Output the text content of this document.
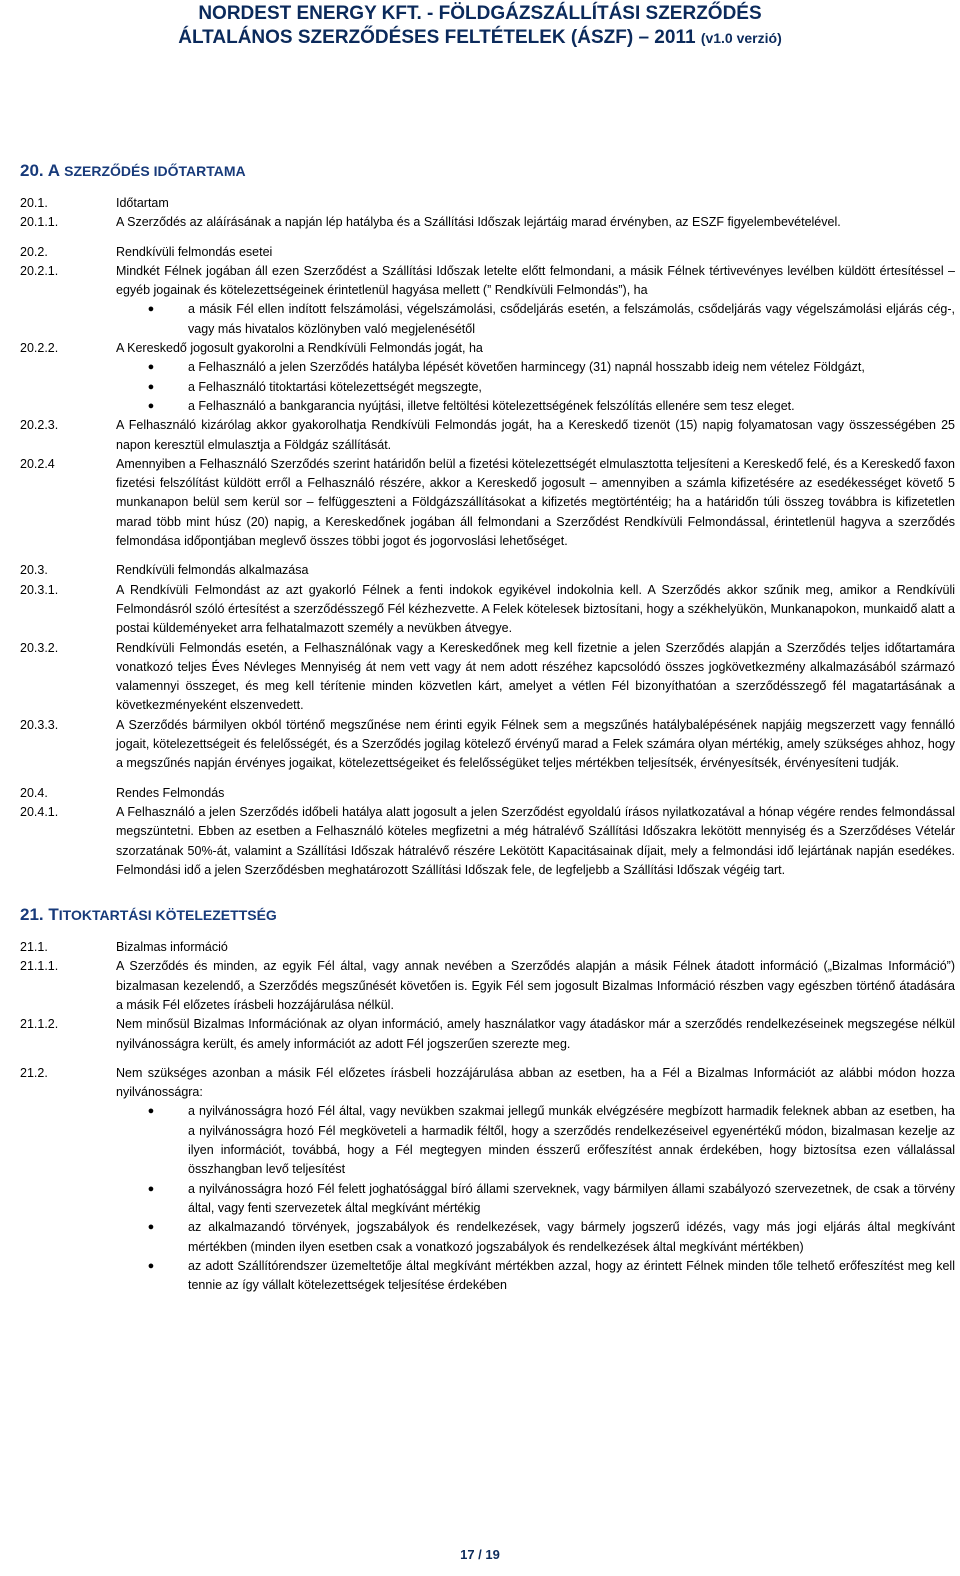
NORDEST ENERGY KFT. - FÖLDGÁZSZÁLLÍTÁSI SZERZŐDÉS
ÁLTALÁNOS SZERZŐDÉSES FELTÉTELEK (ÁSZF) – 2011 (v1.0 verzió)
20. A SZERZŐDÉS IDŐTARTAMA
20.1.	Időtartam
20.1.1.	A Szerződés az aláírásának a napján lép hatályba és a Szállítási Időszak lejártáig marad érvényben, az ESZF figyelembevételével.
20.2.	Rendkívüli felmondás esetei
20.2.1.	Mindkét Félnek jogában áll ezen Szerződést a Szállítási Időszak letelte előtt felmondani, a másik Félnek tértivevényes levélben küldött értesítéssel – egyéb jogainak és kötelezettségeinek érintetlenül hagyása mellett (” Rendkívüli Felmondás”), ha
●	a másik Fél ellen indított felszámolási, végelszámolási, csődeljárás esetén, a felszámolás, csődeljárás vagy végelszámolási eljárás cég-, vagy más hivatalos közlönyben való megjelenésétől
20.2.2.	A Kereskedő jogosult gyakorolni a Rendkívüli Felmondás jogát, ha
●	a Felhasználó a jelen Szerződés hatályba lépését követően harmincegy (31) napnál hosszabb ideig nem vételez Földgázt,
●	a Felhasználó titoktartási kötelezettségét megszegte,
●	a Felhasználó a bankgarancia nyújtási, illetve feltöltési kötelezettségének felszólítás ellenére sem tesz eleget.
20.2.3.	A Felhasználó kizárólag akkor gyakorolhatja Rendkívüli Felmondás jogát, ha a Kereskedő tizenöt (15) napig folyamatosan vagy összességében 25 napon keresztül elmulasztja a Földgáz szállítását.
20.2.4	Amennyiben a Felhasználó Szerződés szerint határidőn belül a fizetési kötelezettségét elmulasztotta teljesíteni a Kereskedő felé, és a Kereskedő faxon fizetési felszólítást küldött erről a Felhasználó részére, akkor a Kereskedő jogosult – amennyiben a számla kifizetésére az esedékességet követő 5 munkanapon belül sem kerül sor – felfüggeszteni a Földgázszállításokat a kifizetés megtörténtéig; ha a határidőn túli összeg továbbra is kifizetetlen marad több mint húsz (20) napig, a Kereskedőnek jogában áll felmondani a Szerződést Rendkívüli Felmondással, érintetlenül hagyva a szerződés felmondása időpontjában meglevő összes többi jogot és jogorvoslási lehetőséget.
20.3.	Rendkívüli felmondás alkalmazása
20.3.1.	A Rendkívüli Felmondást az azt gyakorló Félnek a fenti indokok egyikével indokolnia kell. A Szerződés akkor szűnik meg, amikor a Rendkívüli Felmondásról szóló értesítést a szerződésszegő Fél kézhezvette. A Felek kötelesek biztosítani, hogy a székhelyükön, Munkanapokon, munkaidő alatt a postai küldeményeket arra felhatalmazott személy a nevükben átvegye.
20.3.2.	Rendkívüli Felmondás esetén, a Felhasználónak vagy a Kereskedőnek meg kell fizetnie a jelen Szerződés alapján a Szerződés teljes időtartamára vonatkozó teljes Éves Névleges Mennyiség át nem vett vagy át nem adott részéhez kapcsolódó összes jogkövetkezmény alkalmazásából származó valamennyi összeget, és meg kell térítenie minden közvetlen kárt, amelyet a vétlen Fél bizonyíthatóan a szerződésszegő fél magatartásának a következményeként elszenvedett.
20.3.3.	A Szerződés bármilyen okból történő megszűnése nem érinti egyik Félnek sem a megszűnés hatálybalépésének napjáig megszerzett vagy fennálló jogait, kötelezettségeit és felelősségét, és a Szerződés jogilag kötelező érvényű marad a Felek számára olyan mértékig, amely szükséges ahhoz, hogy a megszűnés napján érvényes jogaikat, kötelezettségeiket és felelősségüket teljes mértékben teljesítsék, érvényesítsék, érvényesíteni tudják.
20.4.	Rendes Felmondás
20.4.1.	A Felhasználó a jelen Szerződés időbeli hatálya alatt jogosult a jelen Szerződést egyoldalú írásos nyilatkozatával a hónap végére rendes felmondással megszüntetni. Ebben az esetben a Felhasználó köteles megfizetni a még hátralévő Szállítási Időszakra lekötött mennyiség és a Szerződéses Vételár szorzatának 50%-át, valamint a Szállítási Időszak hátralévő részére Lekötött Kapacitásainak díjait, mely a felmondási idő lejártának napján esedékes. Felmondási idő a jelen Szerződésben meghatározott Szállítási Időszak fele, de legfeljebb a Szállítási Időszak végéig tart.
21. TITOKTARTÁSI KÖTELEZETTSÉG
21.1.	Bizalmas információ
21.1.1.	A Szerződés és minden, az egyik Fél által, vagy annak nevében a Szerződés alapján a másik Félnek átadott információ („Bizalmas Információ”) bizalmasan kezelendő, a Szerződés megszűnését követően is. Egyik Fél sem jogosult Bizalmas Információ részben vagy egészben történő átadására a másik Fél előzetes írásbeli hozzájárulása nélkül.
21.1.2.	Nem minősül Bizalmas Információnak az olyan információ, amely használatkor vagy átadáskor már a szerződés rendelkezéseinek megszegése nélkül nyilvánosságra került, és amely információt az adott Fél jogszerűen szerezte meg.
21.2.	Nem szükséges azonban a másik Fél előzetes írásbeli hozzájárulása abban az esetben, ha a Fél a Bizalmas Információt az alábbi módon hozza nyilvánosságra:
●	a nyilvánosságra hozó Fél által, vagy nevükben szakmai jellegű munkák elvégzésére megbízott harmadik feleknek abban az esetben, ha a nyilvánosságra hozó Fél megköveteli a harmadik féltől, hogy a szerződés rendelkezéseivel egyenértékű módon, bizalmasan kezelje az ilyen információt, továbbá, hogy a Fél megtegyen minden ésszerű erőfeszítést annak érdekében, hogy biztosítsa ezen vállalással összhangban levő teljesítést
●	a nyilvánosságra hozó Fél felett joghatósággal bíró állami szerveknek, vagy bármilyen állami szabályozó szervezetnek, de csak a törvény által, vagy fenti szervezetek által megkívánt mértékig
●	az alkalmazandó törvények, jogszabályok és rendelkezések, vagy bármely jogszerű idézés, vagy más jogi eljárás által megkívánt mértékben (minden ilyen esetben csak a vonatkozó jogszabályok és rendelkezések által megkívánt mértékben)
●	az adott Szállítórendszer üzemeltetője által megkívánt mértékben azzal, hogy az érintett Félnek minden tőle telhető erőfeszítést meg kell tennie az így vállalt kötelezettségek teljesítése érdekében
17 / 19
